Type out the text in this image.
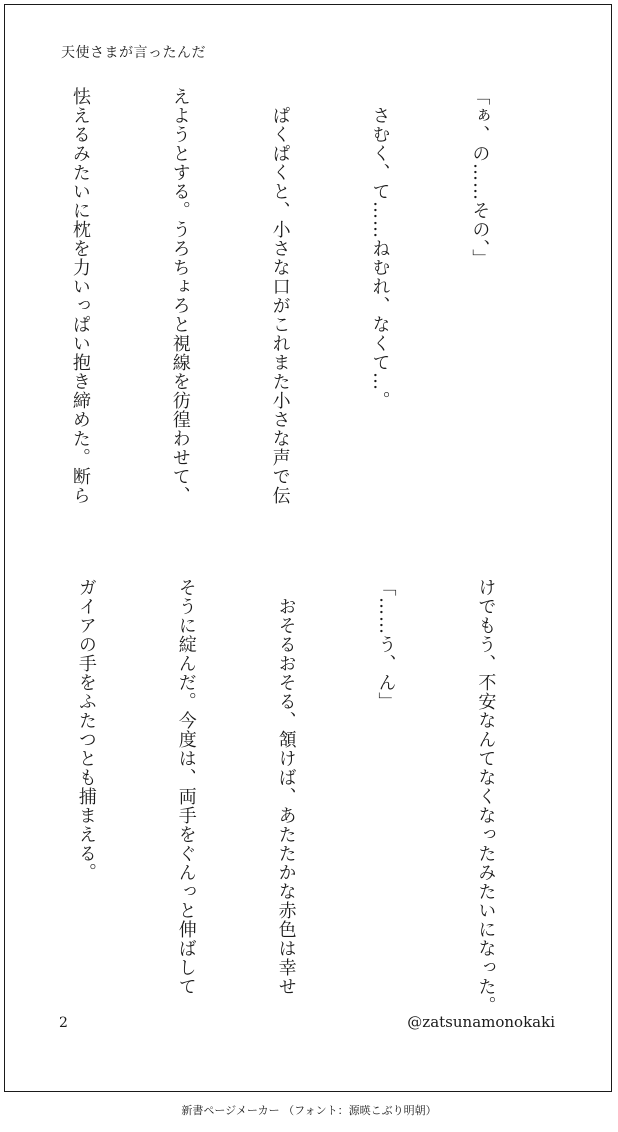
天使さまが言ったんだ

「ぁ、の……その、」

　さむく、て……ねむれ、なくて…。

　ぱくぱくと、小さな口がこれまた小さな声で伝

えようとする。うろちょろと視線を彷徨わせて、

怯えるみたいに枕を力いっぱい抱き締めた。断ら

けでもう、不安なんてなくなったみたいになった。

「……う、ん」

　おそるおそる、頷けば、あたたかな赤色は幸せ

そうに綻んだ。今度は、両手をぐんっと伸ばして

ガイアの手をふたつとも捕まえる。

2	@zatsunamonokaki
新書ページメーカー （フォント：源暎こぶり明朝）
